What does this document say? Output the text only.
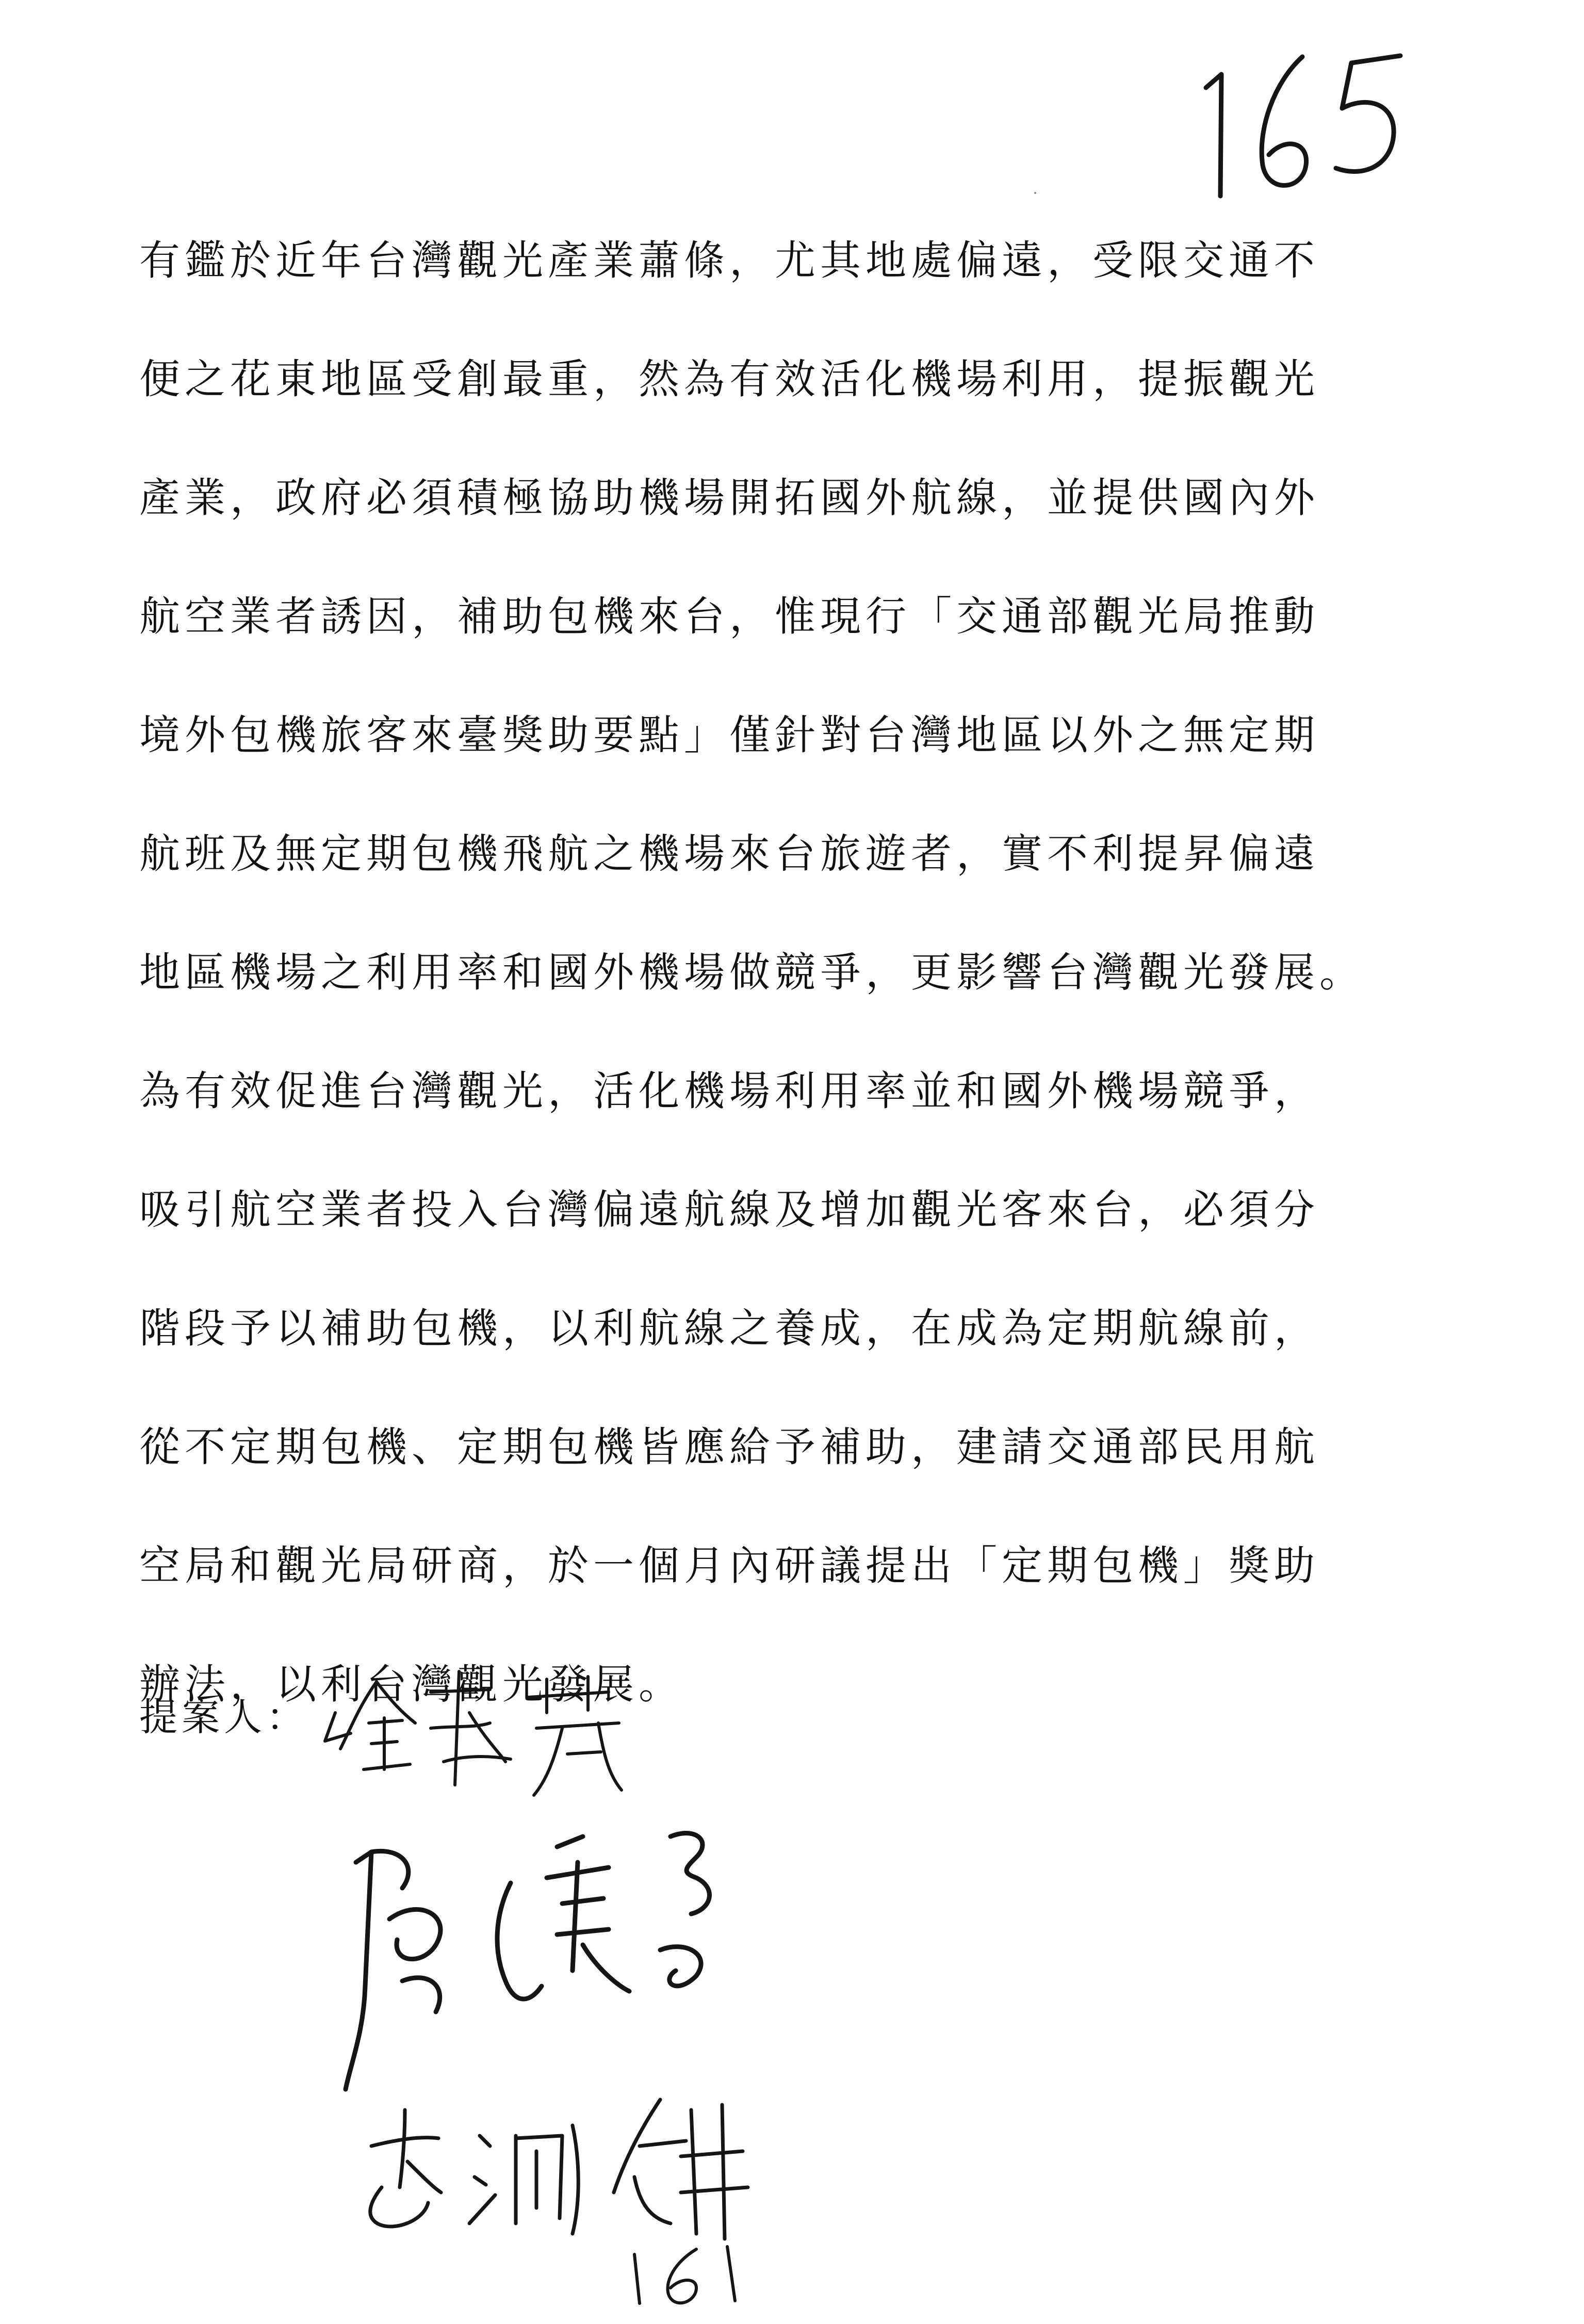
有鑑於近年台灣觀光產業蕭條，尤其地處偏遠，受限交通不
便之花東地區受創最重，然為有效活化機場利用，提振觀光
產業，政府必須積極協助機場開拓國外航線，並提供國內外
航空業者誘因，補助包機來台，惟現行「交通部觀光局推動
境外包機旅客來臺獎助要點」僅針對台灣地區以外之無定期
航班及無定期包機飛航之機場來台旅遊者，實不利提昇偏遠
地區機場之利用率和國外機場做競爭，更影響台灣觀光發展。
為有效促進台灣觀光，活化機場利用率並和國外機場競爭，
吸引航空業者投入台灣偏遠航線及增加觀光客來台，必須分
階段予以補助包機，以利航線之養成，在成為定期航線前，
從不定期包機、定期包機皆應給予補助，建請交通部民用航
空局和觀光局研商，於一個月內研議提出「定期包機」獎助
辦法，以利台灣觀光發展。

提案人：
